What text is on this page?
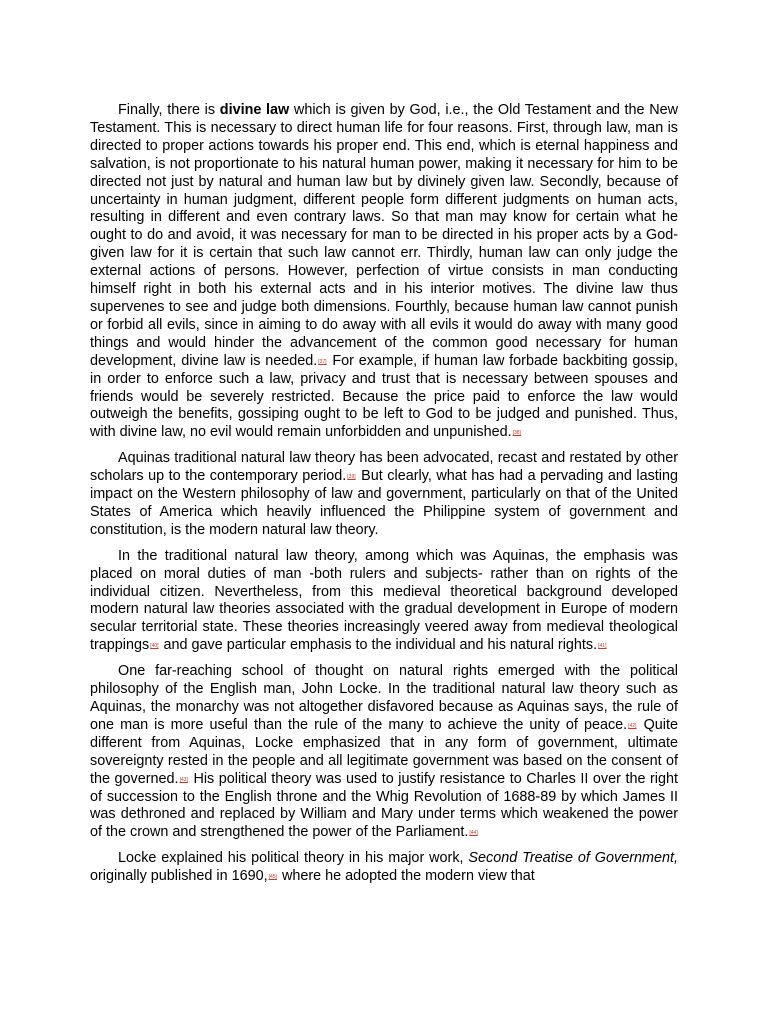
Finally, there is divine law which is given by God, i.e., the Old Testament and the New Testament. This is necessary to direct human life for four reasons. First, through law, man is directed to proper actions towards his proper end. This end, which is eternal happiness and salvation, is not proportionate to his natural human power, making it necessary for him to be directed not just by natural and human law but by divinely given law. Secondly, because of uncertainty in human judgment, different people form different judgments on human acts, resulting in different and even contrary laws. So that man may know for certain what he ought to do and avoid, it was necessary for man to be directed in his proper acts by a God-given law for it is certain that such law cannot err. Thirdly, human law can only judge the external actions of persons. However, perfection of virtue consists in man conducting himself right in both his external acts and in his interior motives. The divine law thus supervenes to see and judge both dimensions. Fourthly, because human law cannot punish or forbid all evils, since in aiming to do away with all evils it would do away with many good things and would hinder the advancement of the common good necessary for human development, divine law is needed.[37] For example, if human law forbade backbiting gossip, in order to enforce such a law, privacy and trust that is necessary between spouses and friends would be severely restricted. Because the price paid to enforce the law would outweigh the benefits, gossiping ought to be left to God to be judged and punished. Thus, with divine law, no evil would remain unforbidden and unpunished.[38]

Aquinas traditional natural law theory has been advocated, recast and restated by other scholars up to the contemporary period.[39] But clearly, what has had a pervading and lasting impact on the Western philosophy of law and government, particularly on that of the United States of America which heavily influenced the Philippine system of government and constitution, is the modern natural law theory.

In the traditional natural law theory, among which was Aquinas, the emphasis was placed on moral duties of man -both rulers and subjects- rather than on rights of the individual citizen. Nevertheless, from this medieval theoretical background developed modern natural law theories associated with the gradual development in Europe of modern secular territorial state. These theories increasingly veered away from medieval theological trappings[40] and gave particular emphasis to the individual and his natural rights.[41]

One far-reaching school of thought on natural rights emerged with the political philosophy of the English man, John Locke. In the traditional natural law theory such as Aquinas, the monarchy was not altogether disfavored because as Aquinas says, the rule of one man is more useful than the rule of the many to achieve the unity of peace.[42] Quite different from Aquinas, Locke emphasized that in any form of government, ultimate sovereignty rested in the people and all legitimate government was based on the consent of the governed.[43] His political theory was used to justify resistance to Charles II over the right of succession to the English throne and the Whig Revolution of 1688-89 by which James II was dethroned and replaced by William and Mary under terms which weakened the power of the crown and strengthened the power of the Parliament.[44]

Locke explained his political theory in his major work, Second Treatise of Government, originally published in 1690,[45] where he adopted the modern view that
